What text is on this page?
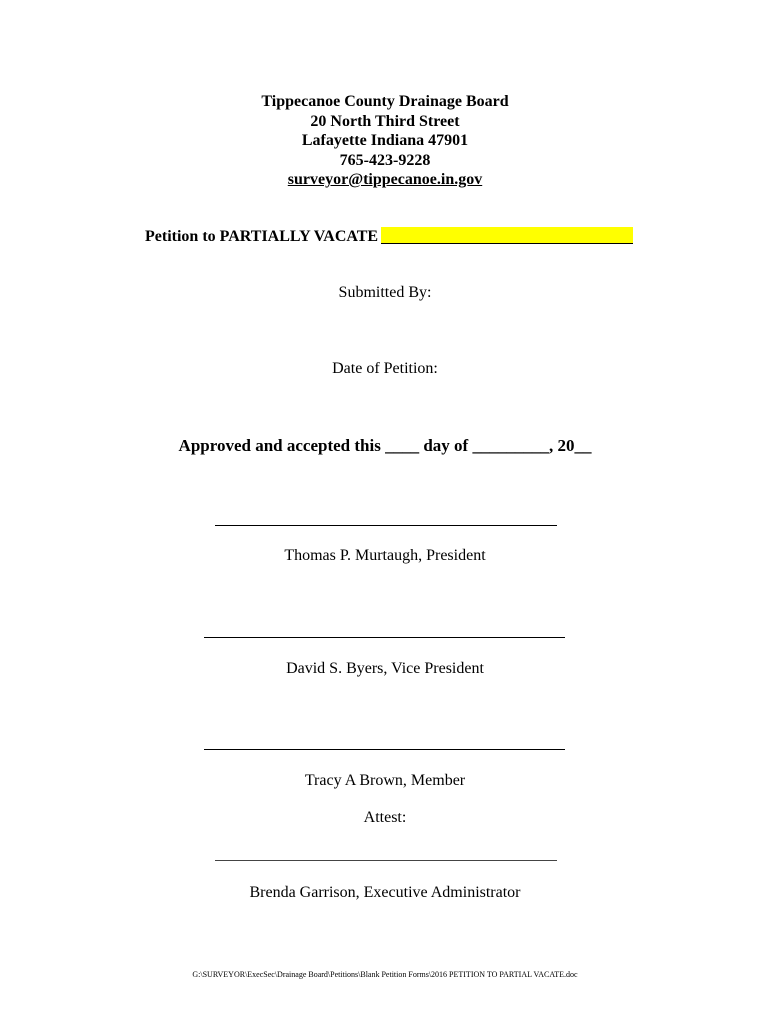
Tippecanoe County Drainage Board
20 North Third Street
Lafayette Indiana 47901
765-423-9228
surveyor@tippecanoe.in.gov
Petition to PARTIALLY VACATE
Submitted By:
Date of Petition:
Approved and accepted this ____ day of _________, 20__
Thomas P. Murtaugh, President
David S. Byers, Vice President
Tracy A Brown, Member
Attest:
Brenda Garrison, Executive Administrator
G:\SURVEYOR\ExecSec\Drainage Board\Petitions\Blank Petition Forms\2016 PETITION TO PARTIAL VACATE.doc
